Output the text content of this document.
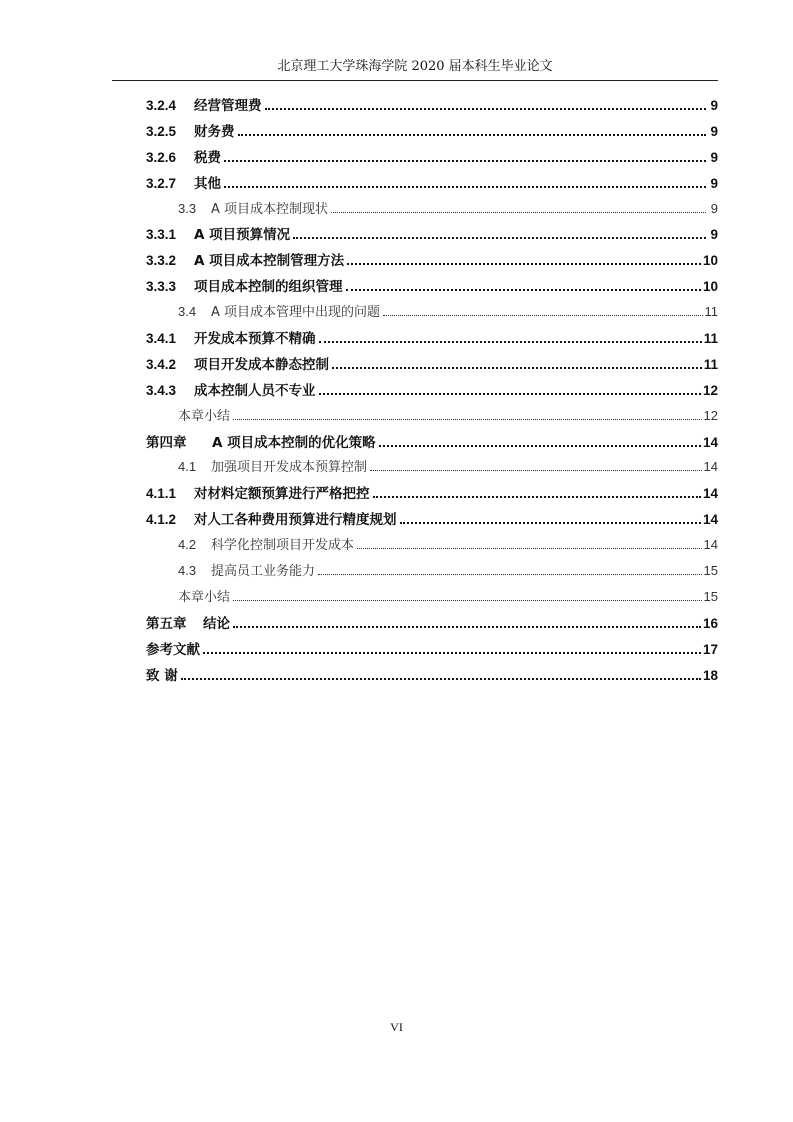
北京理工大学珠海学院 2020 届本科生毕业论文
3.2.4	经营管理费	9
3.2.5	财务费	9
3.2.6	税费	9
3.2.7	其他	9
3.3	A 项目成本控制现状	9
3.3.1	A 项目预算情况	9
3.3.2	A 项目成本控制管理方法	10
3.3.3	项目成本控制的组织管理	10
3.4	A 项目成本管理中出现的问题	11
3.4.1	开发成本预算不精确	11
3.4.2	项目开发成本静态控制	11
3.4.3	成本控制人员不专业	12
本章小结	12
第四章	A 项目成本控制的优化策略	14
4.1	加强项目开发成本预算控制	14
4.1.1	对材料定额预算进行严格把控	14
4.1.2	对人工各种费用预算进行精度规划	14
4.2	科学化控制项目开发成本	14
4.3	提高员工业务能力	15
本章小结	15
第五章	结论	16
参考文献	17
致 谢	18
VI
